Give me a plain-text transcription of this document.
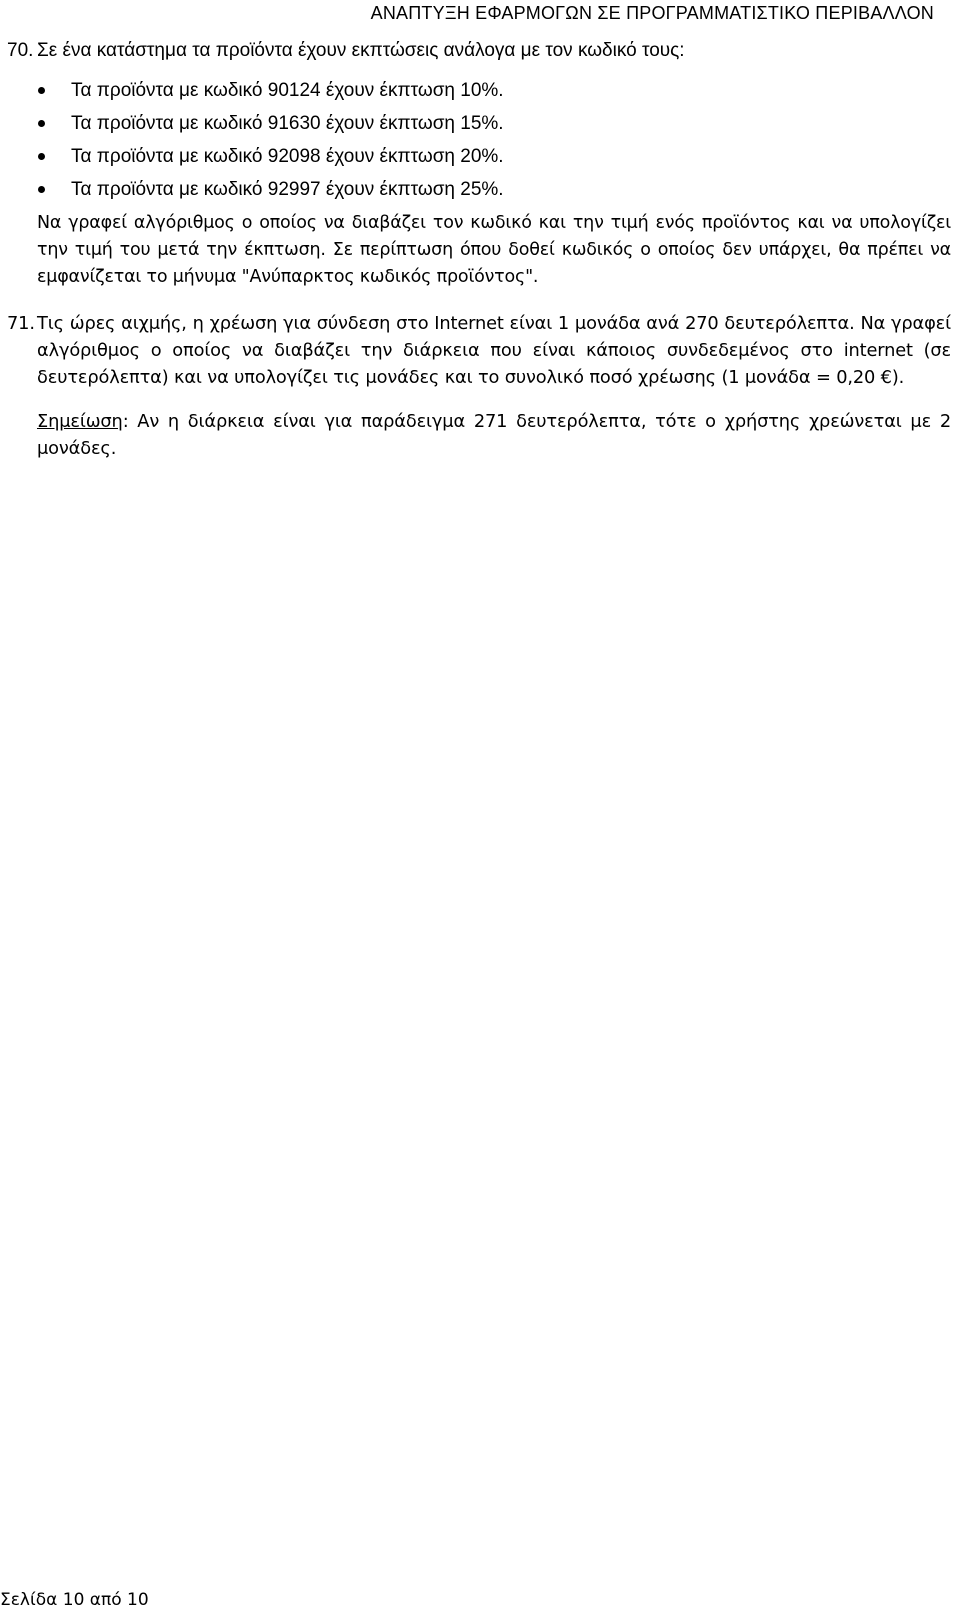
ΑΝΑΠΤΥΞΗ ΕΦΑΡΜΟΓΩΝ ΣΕ ΠΡΟΓΡΑΜΜΑΤΙΣΤΙΚΟ ΠΕΡΙΒΑΛΛΟΝ

70. Σε ένα κατάστημα τα προϊόντα έχουν εκπτώσεις ανάλογα με τον κωδικό τους:

Τα προϊόντα με κωδικό 90124 έχουν έκπτωση 10%.
Τα προϊόντα με κωδικό 91630 έχουν έκπτωση 15%.
Τα προϊόντα με κωδικό 92098 έχουν έκπτωση 20%.
Τα προϊόντα με κωδικό 92997 έχουν έκπτωση 25%.

Να γραφεί αλγόριθμος ο οποίος να διαβάζει τον κωδικό και την τιμή ενός προϊόντος και να υπολογίζει την τιμή του μετά την έκπτωση. Σε περίπτωση όπου δοθεί κωδικός ο οποίος δεν υπάρχει, θα πρέπει να εμφανίζεται το μήνυμα "Ανύπαρκτος κωδικός προϊόντος".

71. Τις ώρες αιχμής, η χρέωση για σύνδεση στο Internet είναι 1 μονάδα ανά 270 δευτερόλεπτα. Να γραφεί αλγόριθμος ο οποίος να διαβάζει την διάρκεια που είναι κάποιος συνδεδεμένος στο internet (σε δευτερόλεπτα) και να υπολογίζει τις μονάδες και το συνολικό ποσό χρέωσης (1 μονάδα = 0,20 €).

Σημείωση: Αν η διάρκεια είναι για παράδειγμα 271 δευτερόλεπτα, τότε ο χρήστης χρεώνεται με 2 μονάδες.

Σελίδα 10 από 10
